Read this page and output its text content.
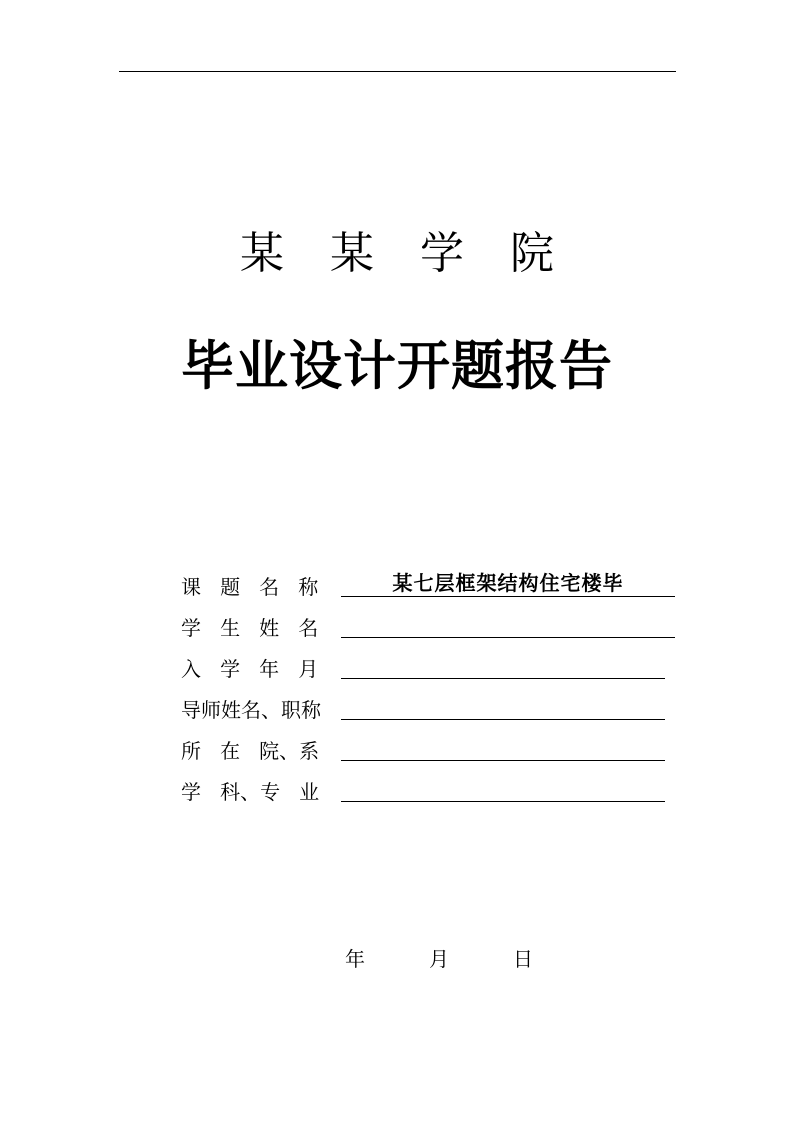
某 某 学 院
毕业设计开题报告
课   题   名   称	某七层框架结构住宅楼毕
学   生   姓   名
入   学   年   月
导师姓名、职称
所   在   院、系
学   科、专   业
年	月	日
